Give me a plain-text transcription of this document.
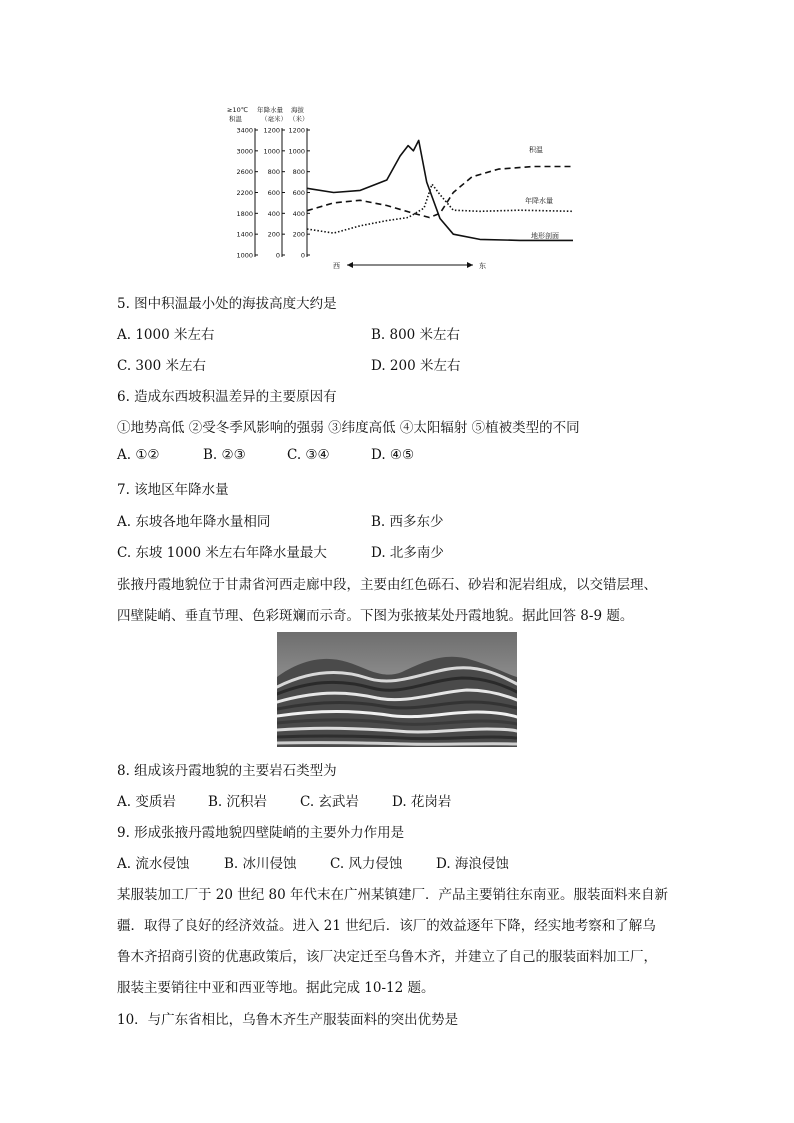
≥10℃
积温
年降水量
（毫米）
海拔
（米）
3400
3000
2600
2200
1800
1400
1000
1200
1000
800
600
400
200
0
1200
1000
800
600
400
200
0
积温
年降水量
地形剖面
西	东
5. 图中积温最小处的海拔高度大约是
A. 1000 米左右	B. 800 米左右
C. 300 米左右	D. 200 米左右
6. 造成东西坡积温差异的主要原因有
①地势高低 ②受冬季风影响的强弱 ③纬度高低 ④太阳辐射 ⑤植被类型的不同
A. ①②	B. ②③	C. ③④	D. ④⑤
7. 该地区年降水量
A. 东坡各地年降水量相同	B. 西多东少
C. 东坡 1000 米左右年降水量最大	D. 北多南少
张掖丹霞地貌位于甘肃省河西走廊中段，主要由红色砾石、砂岩和泥岩组成，以交错层理、
四壁陡峭、垂直节理、色彩斑斓而示奇。下图为张掖某处丹霞地貌。据此回答 8-9 题。
8. 组成该丹霞地貌的主要岩石类型为
A. 变质岩 B. 沉积岩 C. 玄武岩 D. 花岗岩
9. 形成张掖丹霞地貌四壁陡峭的主要外力作用是
A. 流水侵蚀	B. 冰川侵蚀 C. 风力侵蚀 D. 海浪侵蚀
某服装加工厂于 20 世纪 80 年代末在广州某镇建厂．产品主要销往东南亚。服装面料来自新
疆．取得了良好的经济效益。进入 21 世纪后．该厂的效益逐年下降，经实地考察和了解乌
鲁木齐招商引资的优惠政策后，该厂决定迁至乌鲁木齐，并建立了自己的服装面料加工厂，
服装主要销往中亚和西亚等地。据此完成 10-12 题。
10．与广东省相比，乌鲁木齐生产服装面料的突出优势是
